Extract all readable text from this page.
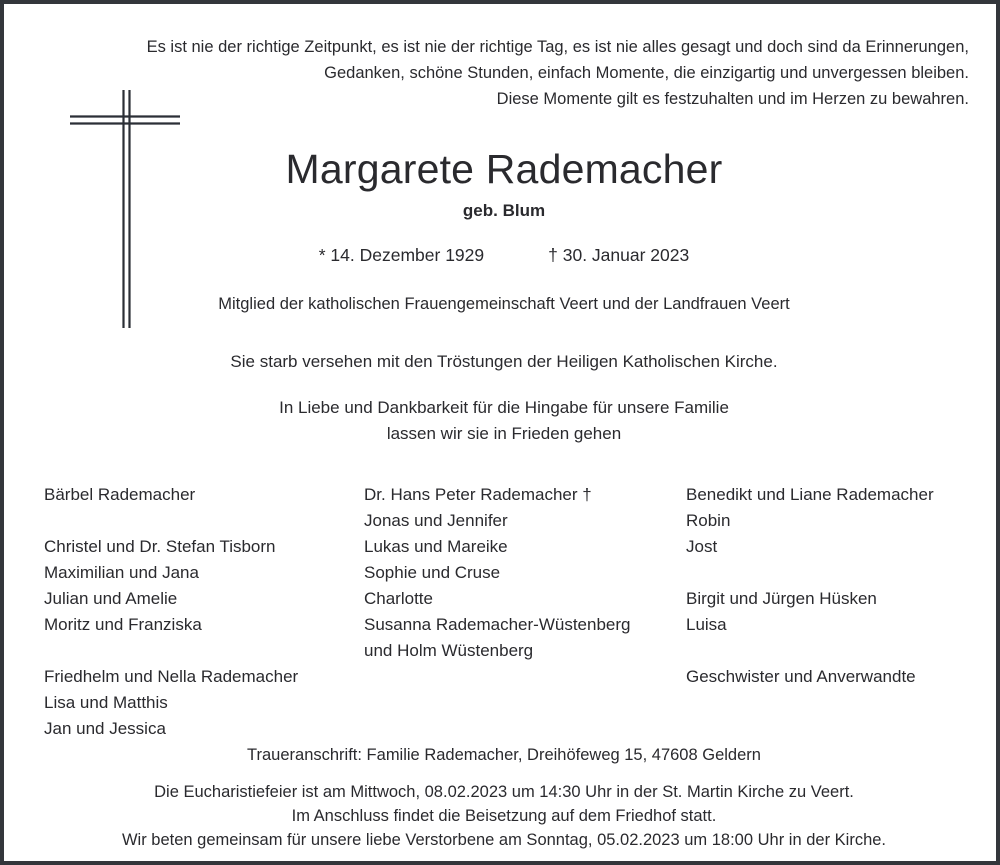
Es ist nie der richtige Zeitpunkt, es ist nie der richtige Tag, es ist nie alles gesagt und doch sind da Erinnerungen,
Gedanken, schöne Stunden, einfach Momente, die einzigartig und unvergessen bleiben.
Diese Momente gilt es festzuhalten und im Herzen zu bewahren.
Margarete Rademacher
geb. Blum
* 14. Dezember 1929	† 30. Januar 2023
Mitglied der katholischen Frauengemeinschaft Veert und der Landfrauen Veert
Sie starb versehen mit den Tröstungen der Heiligen Katholischen Kirche.
In Liebe und Dankbarkeit für die Hingabe für unsere Familie
lassen wir sie in Frieden gehen
Bärbel Rademacher
Christel und Dr. Stefan Tisborn
Maximilian und Jana
Julian und Amelie
Moritz und Franziska
Friedhelm und Nella Rademacher
Lisa und Matthis
Jan und Jessica
Dr. Hans Peter Rademacher †
Jonas und Jennifer
Lukas und Mareike
Sophie und Cruse
Charlotte
Susanna Rademacher-Wüstenberg
und Holm Wüstenberg
Benedikt und Liane Rademacher
Robin
Jost
Birgit und Jürgen Hüsken
Luisa
Geschwister und Anverwandte
Traueranschrift: Familie Rademacher, Dreihöfeweg 15, 47608 Geldern
Die Eucharistiefeier ist am Mittwoch, 08.02.2023 um 14:30 Uhr in der St. Martin Kirche zu Veert.
Im Anschluss findet die Beisetzung auf dem Friedhof statt.
Wir beten gemeinsam für unsere liebe Verstorbene am Sonntag, 05.02.2023 um 18:00 Uhr in der Kirche.
